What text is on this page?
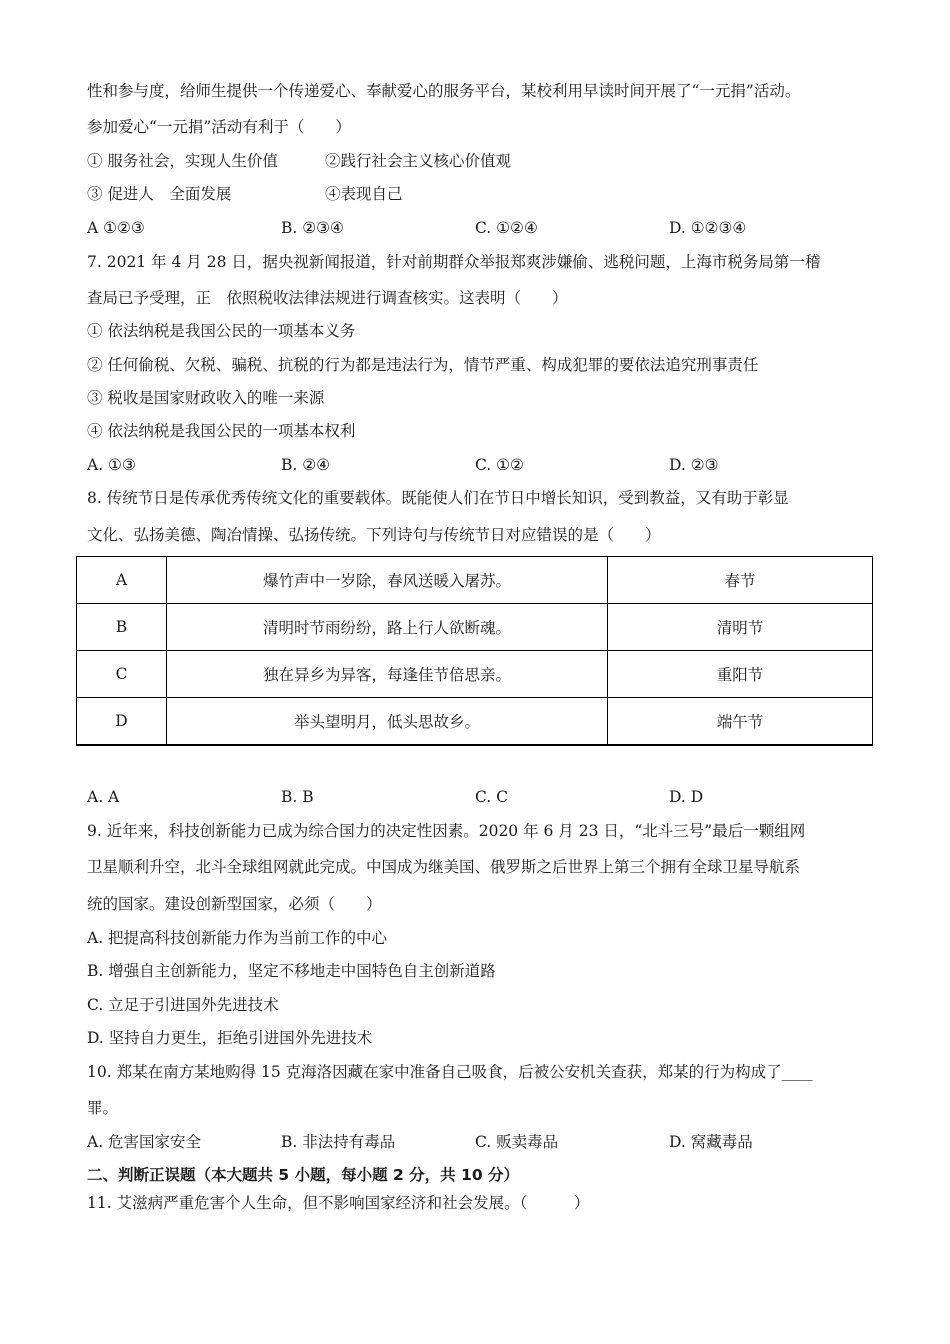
性和参与度，给师生提供一个传递爱心、奉献爱心的服务平台，某校利用早读时间开展了“一元捐”活动。
参加爱心“一元捐”活动有利于（　　）
① 服务社会，实现人生价值	②践行社会主义核心价值观
③ 促进人　全面发展	④表现自己
A ①②③	B. ②③④	C. ①②④	D. ①②③④
7. 2021 年 4 月 28 日，据央视新闻报道，针对前期群众举报郑爽涉嫌偷、逃税问题，上海市税务局第一稽
查局已予受理，正　依照税收法律法规进行调查核实。这表明（　　）
① 依法纳税是我国公民的一项基本义务
② 任何偷税、欠税、骗税、抗税的行为都是违法行为，情节严重、构成犯罪的要依法追究刑事责任
③ 税收是国家财政收入的唯一来源
④ 依法纳税是我国公民的一项基本权利
A. ①③	B. ②④	C. ①②	D. ②③
8. 传统节日是传承优秀传统文化的重要载体。既能使人们在节日中增长知识，受到教益，又有助于彰显
文化、弘扬美德、陶冶情操、弘扬传统。下列诗句与传统节日对应错误的是（　　）
A	爆竹声中一岁除，春风送暖入屠苏。	春节
B	清明时节雨纷纷，路上行人欲断魂。	清明节
C	独在异乡为异客，每逢佳节倍思亲。	重阳节
D	举头望明月，低头思故乡。	端午节
A. A	B. B	C. C	D. D
9. 近年来，科技创新能力已成为综合国力的决定性因素。2020 年 6 月 23 日，“北斗三号”最后一颗组网
卫星顺利升空，北斗全球组网就此完成。中国成为继美国、俄罗斯之后世界上第三个拥有全球卫星导航系
统的国家。建设创新型国家，必须（　　）
A. 把提高科技创新能力作为当前工作的中心
B. 增强自主创新能力，坚定不移地走中国特色自主创新道路
C. 立足于引进国外先进技术
D. 坚持自力更生，拒绝引进国外先进技术
10. 郑某在南方某地购得 15 克海洛因藏在家中准备自己吸食，后被公安机关查获，郑某的行为构成了____
罪。
A. 危害国家安全	B. 非法持有毒品	C. 贩卖毒品	D. 窝藏毒品
二、判断正误题（本大题共 5 小题，每小题 2 分，共 10 分）
11. 艾滋病严重危害个人生命，但不影响国家经济和社会发展。（　　　）
